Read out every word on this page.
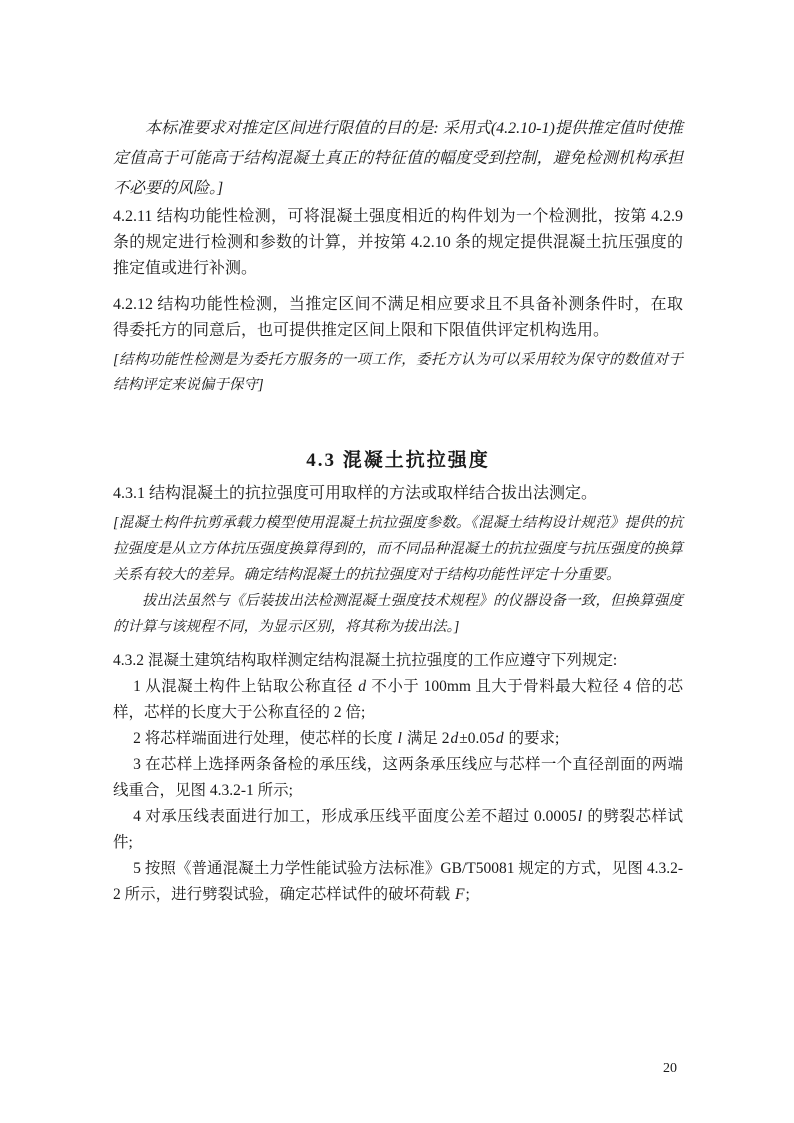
本标准要求对推定区间进行限值的目的是: 采用式(4.2.10-1)提供推定值时使推定值高于可能高于结构混凝土真正的特征值的幅度受到控制，避免检测机构承担不必要的风险。]

4.2.11 结构功能性检测，可将混凝土强度相近的构件划为一个检测批，按第 4.2.9 条的规定进行检测和参数的计算，并按第 4.2.10 条的规定提供混凝土抗压强度的推定值或进行补测。

4.2.12 结构功能性检测，当推定区间不满足相应要求且不具备补测条件时，在取得委托方的同意后，也可提供推定区间上限和下限值供评定机构选用。

[结构功能性检测是为委托方服务的一项工作，委托方认为可以采用较为保守的数值对于结构评定来说偏于保守]

4.3 混凝土抗拉强度

4.3.1 结构混凝土的抗拉强度可用取样的方法或取样结合拔出法测定。

[混凝土构件抗剪承载力模型使用混凝土抗拉强度参数。《混凝土结构设计规范》提供的抗拉强度是从立方体抗压强度换算得到的，而不同品种混凝土的抗拉强度与抗压强度的换算关系有较大的差异。确定结构混凝土的抗拉强度对于结构功能性评定十分重要。

拔出法虽然与《后装拔出法检测混凝土强度技术规程》的仪器设备一致，但换算强度的计算与该规程不同，为显示区别，将其称为拔出法。]

4.3.2 混凝土建筑结构取样测定结构混凝土抗拉强度的工作应遵守下列规定:

1 从混凝土构件上钻取公称直径 d 不小于 100mm 且大于骨料最大粒径 4 倍的芯样，芯样的长度大于公称直径的 2 倍;

2 将芯样端面进行处理，使芯样的长度 l 满足 2d±0.05d 的要求;

3 在芯样上选择两条备检的承压线，这两条承压线应与芯样一个直径剖面的两端线重合，见图 4.3.2-1 所示;

4 对承压线表面进行加工，形成承压线平面度公差不超过 0.0005l 的劈裂芯样试件;

5 按照《普通混凝土力学性能试验方法标准》GB/T50081 规定的方式，见图 4.3.2-2 所示，进行劈裂试验，确定芯样试件的破坏荷载 F;

20
